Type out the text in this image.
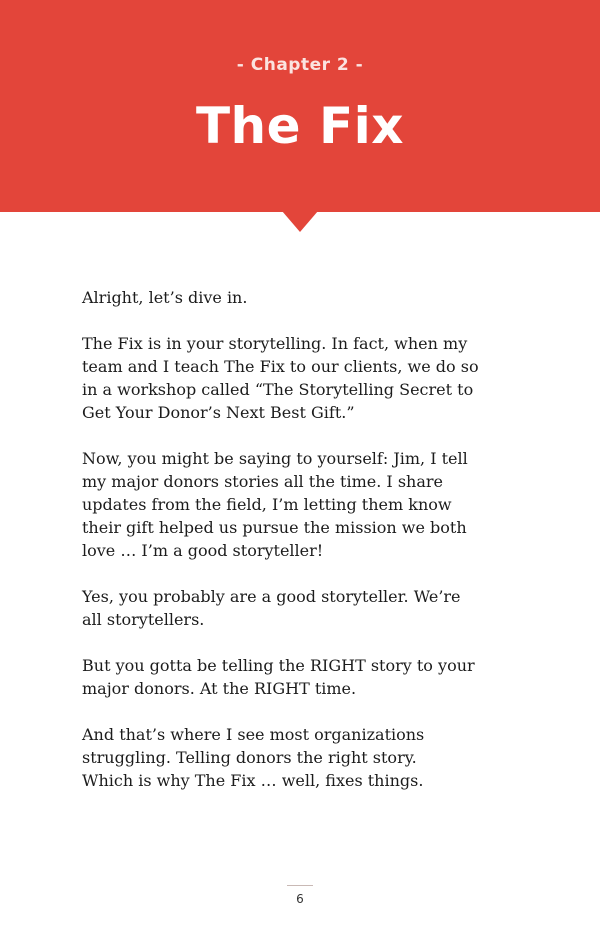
- Chapter 2 -
The Fix

Alright, let’s dive in.

The Fix is in your storytelling. In fact, when my
team and I teach The Fix to our clients, we do so
in a workshop called “The Storytelling Secret to
Get Your Donor’s Next Best Gift.”

Now, you might be saying to yourself: Jim, I tell
my major donors stories all the time. I share
updates from the field, I’m letting them know
their gift helped us pursue the mission we both
love … I’m a good storyteller!

Yes, you probably are a good storyteller. We’re
all storytellers.

But you gotta be telling the RIGHT story to your
major donors. At the RIGHT time.

And that’s where I see most organizations
struggling. Telling donors the right story.
Which is why The Fix … well, fixes things.

6
